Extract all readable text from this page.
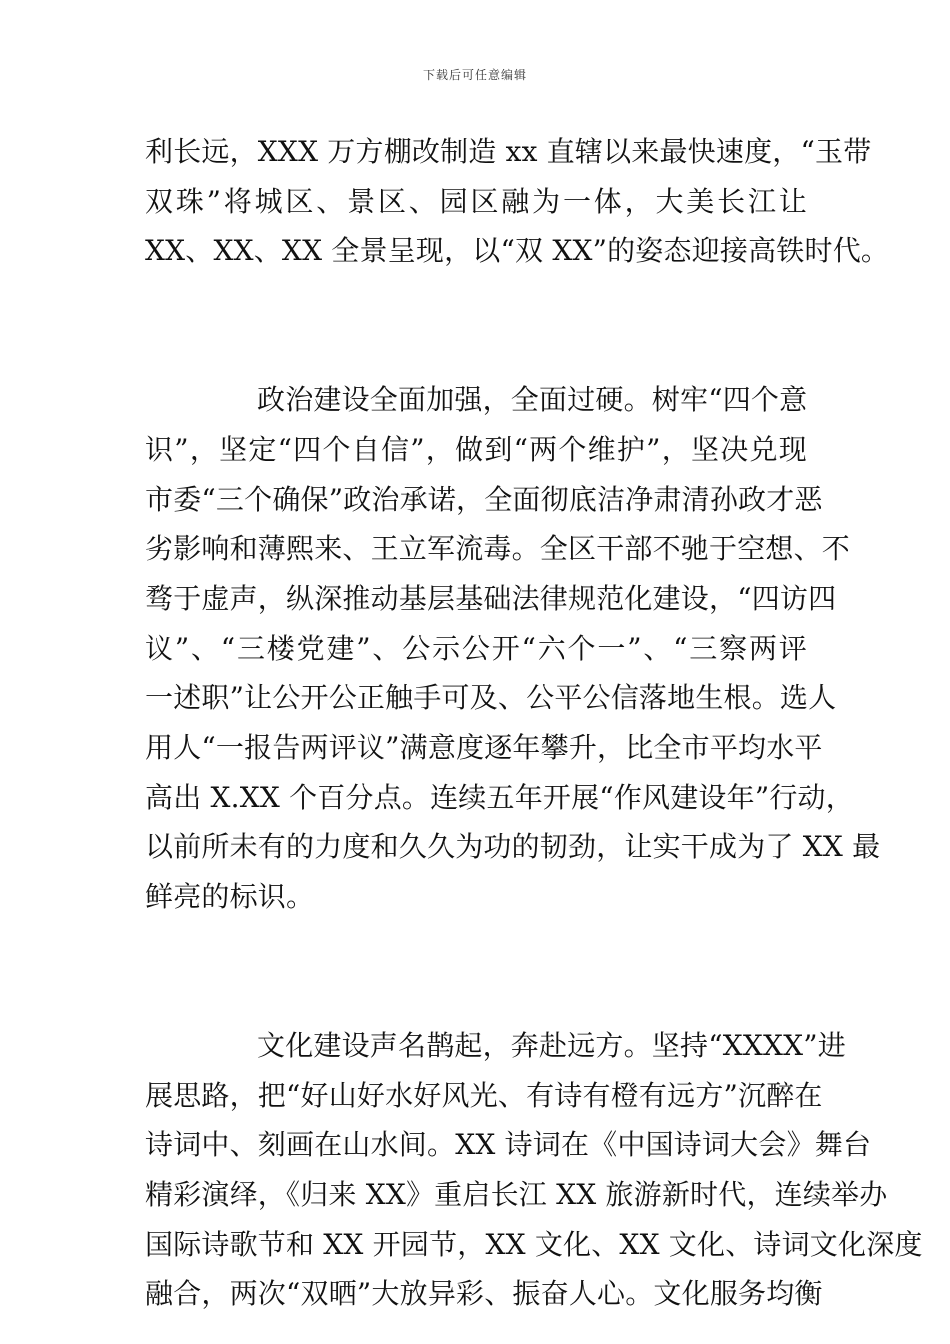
下载后可任意编辑
利长远，XXX 万方棚改制造 xx 直辖以来最快速度，“玉带
双珠”将城区、景区、园区融为一体，大美长江让
XX、XX、XX 全景呈现，以“双 XX”的姿态迎接高铁时代。
政治建设全面加强，全面过硬。树牢“四个意
识”，坚定“四个自信”，做到“两个维护”，坚决兑现
市委“三个确保”政治承诺，全面彻底洁净肃清孙政才恶
劣影响和薄熙来、王立军流毒。全区干部不驰于空想、不
骛于虚声，纵深推动基层基础法律规范化建设，“四访四
议”、“三楼党建”、公示公开“六个一”、“三察两评
一述职”让公开公正触手可及、公平公信落地生根。选人
用人“一报告两评议”满意度逐年攀升，比全市平均水平
高出 X.XX 个百分点。连续五年开展“作风建设年”行动，
以前所未有的力度和久久为功的韧劲，让实干成为了 XX 最
鲜亮的标识。
文化建设声名鹊起，奔赴远方。坚持“XXXX”进
展思路，把“好山好水好风光、有诗有橙有远方”沉醉在
诗词中、刻画在山水间。XX 诗词在《中国诗词大会》舞台
精彩演绎，《归来 XX》重启长江 XX 旅游新时代，连续举办
国际诗歌节和 XX 开园节，XX 文化、XX 文化、诗词文化深度
融合，两次“双晒”大放异彩、振奋人心。文化服务均衡
